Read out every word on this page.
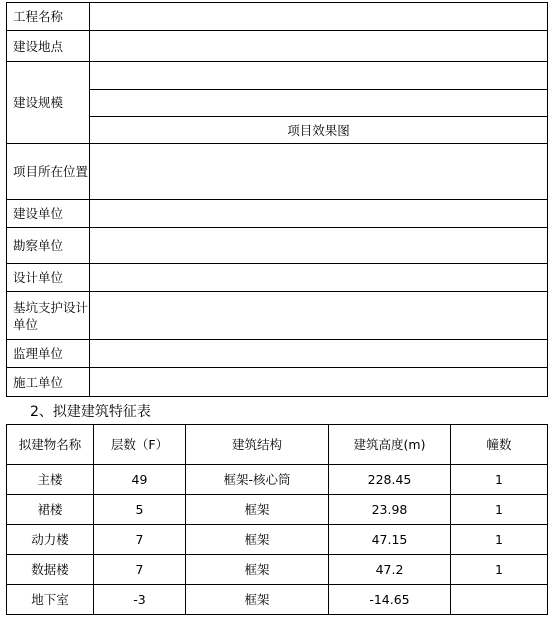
工程名称	
建设地点	
建设规模	

	项目效果图
项目所在位置	
建设单位	
勘察单位	
设计单位	
基坑支护设计单位	
监理单位	
施工单位	
2、拟建建筑特征表
拟建物名称	层数（F）	建筑结构	建筑高度(m)	幢数
主楼	49	框架-核心筒	228.45	1
裙楼	5	框架	23.98	1
动力楼	7	框架	47.15	1
数据楼	7	框架	47.2	1
地下室	-3	框架	-14.65	
